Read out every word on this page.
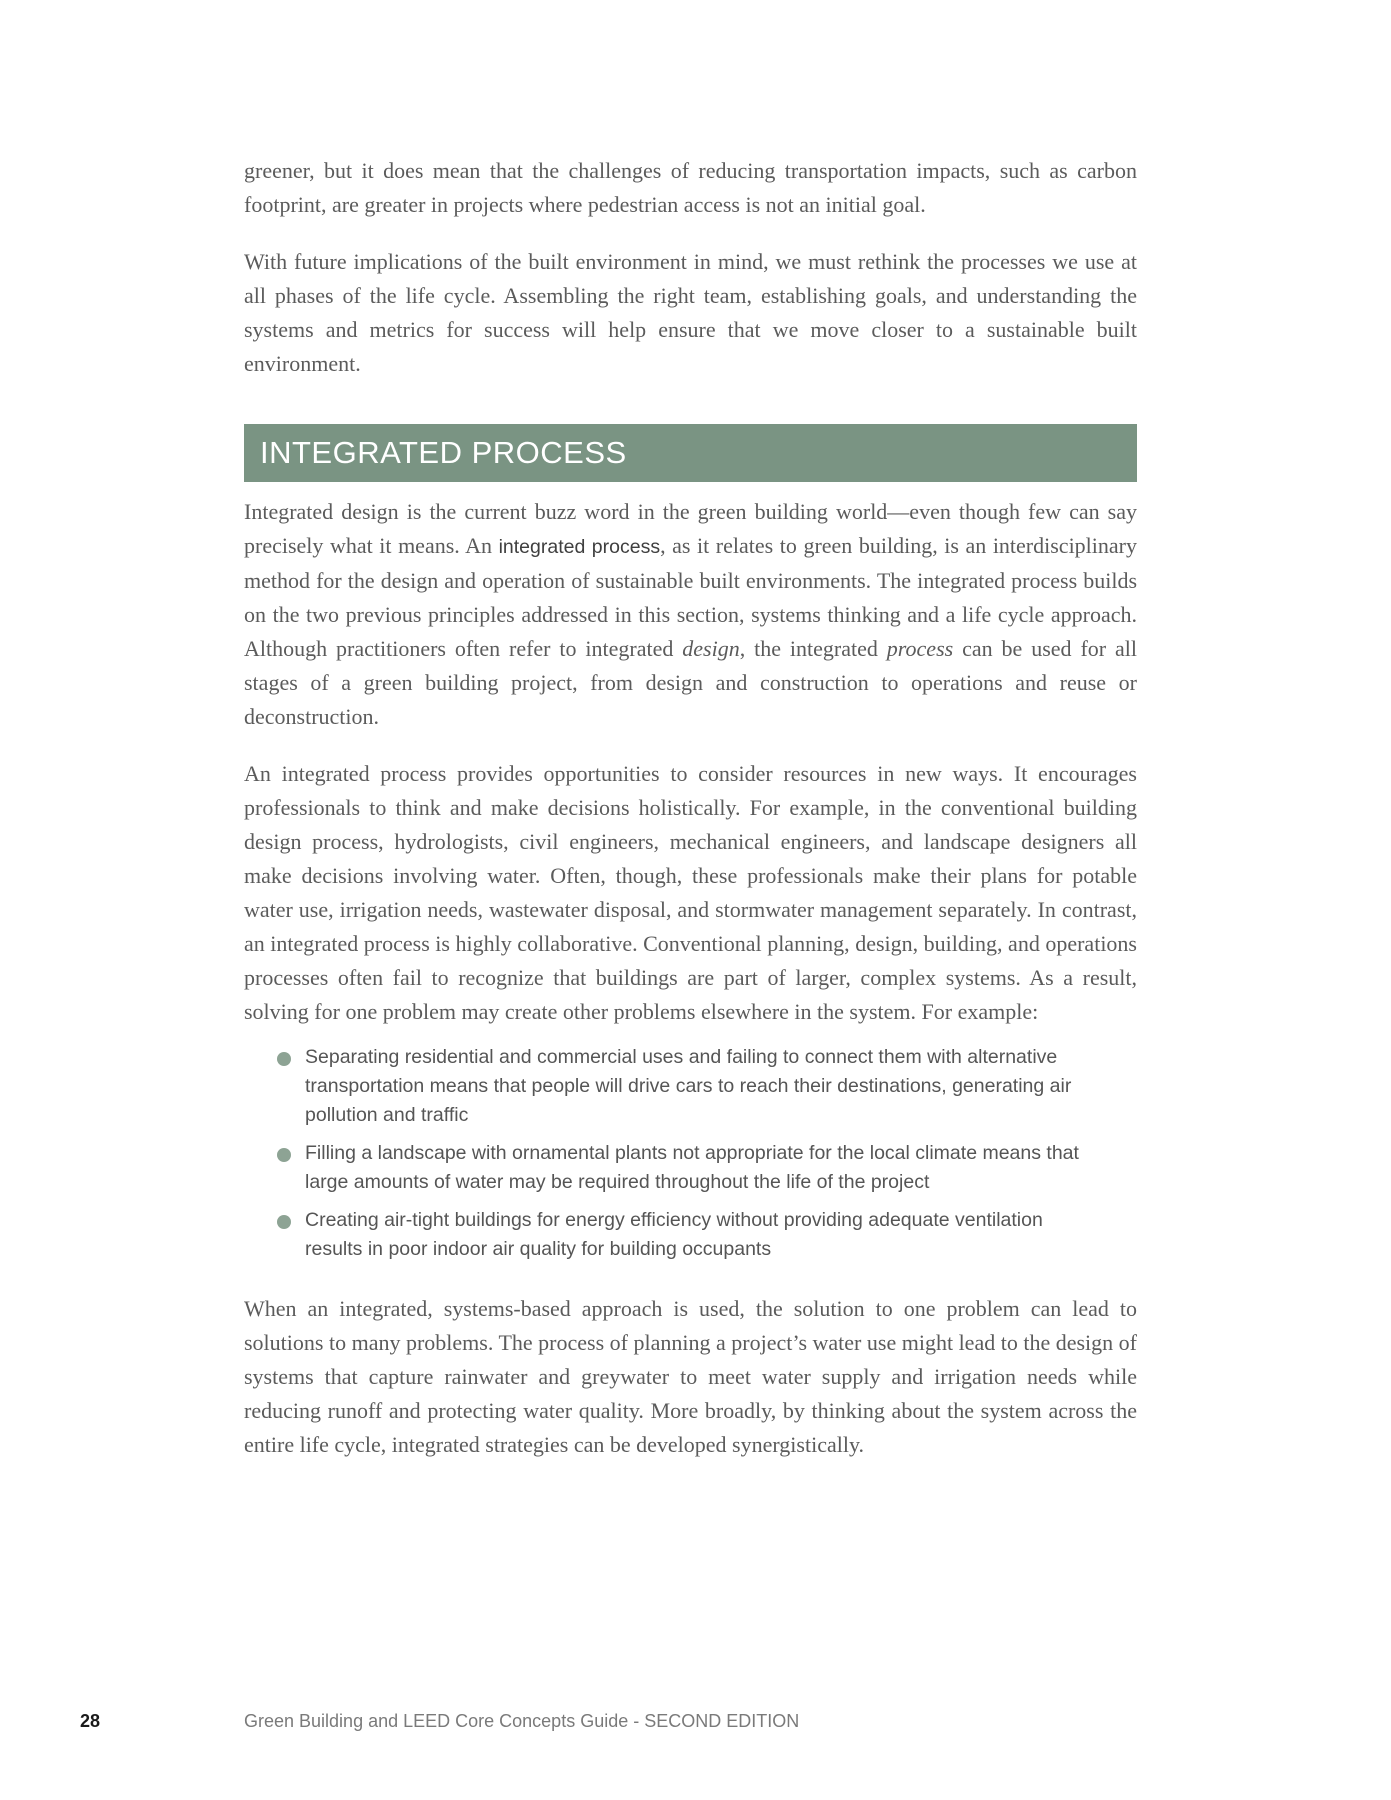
greener, but it does mean that the challenges of reducing transportation impacts, such as carbon footprint, are greater in projects where pedestrian access is not an initial goal.

With future implications of the built environment in mind, we must rethink the processes we use at all phases of the life cycle. Assembling the right team, establishing goals, and understanding the systems and metrics for success will help ensure that we move closer to a sustainable built environment.

INTEGRATED PROCESS

Integrated design is the current buzz word in the green building world—even though few can say precisely what it means. An integrated process, as it relates to green building, is an interdisciplinary method for the design and operation of sustainable built environments. The integrated process builds on the two previous principles addressed in this section, systems thinking and a life cycle approach. Although practitioners often refer to integrated design, the integrated process can be used for all stages of a green building project, from design and construction to operations and reuse or deconstruction.

An integrated process provides opportunities to consider resources in new ways. It encourages professionals to think and make decisions holistically. For example, in the conventional building design process, hydrologists, civil engineers, mechanical engineers, and landscape designers all make decisions involving water. Often, though, these professionals make their plans for potable water use, irrigation needs, wastewater disposal, and stormwater management separately. In contrast, an integrated process is highly collaborative. Conventional planning, design, building, and operations processes often fail to recognize that buildings are part of larger, complex systems. As a result, solving for one problem may create other problems elsewhere in the system. For example:

Separating residential and commercial uses and failing to connect them with alternative transportation means that people will drive cars to reach their destinations, generating air pollution and traffic
Filling a landscape with ornamental plants not appropriate for the local climate means that large amounts of water may be required throughout the life of the project
Creating air-tight buildings for energy efficiency without providing adequate ventilation results in poor indoor air quality for building occupants

When an integrated, systems-based approach is used, the solution to one problem can lead to solutions to many problems. The process of planning a project’s water use might lead to the design of systems that capture rainwater and greywater to meet water supply and irrigation needs while reducing runoff and protecting water quality. More broadly, by thinking about the system across the entire life cycle, integrated strategies can be developed synergistically.

28	Green Building and LEED Core Concepts Guide - SECOND EDITION
